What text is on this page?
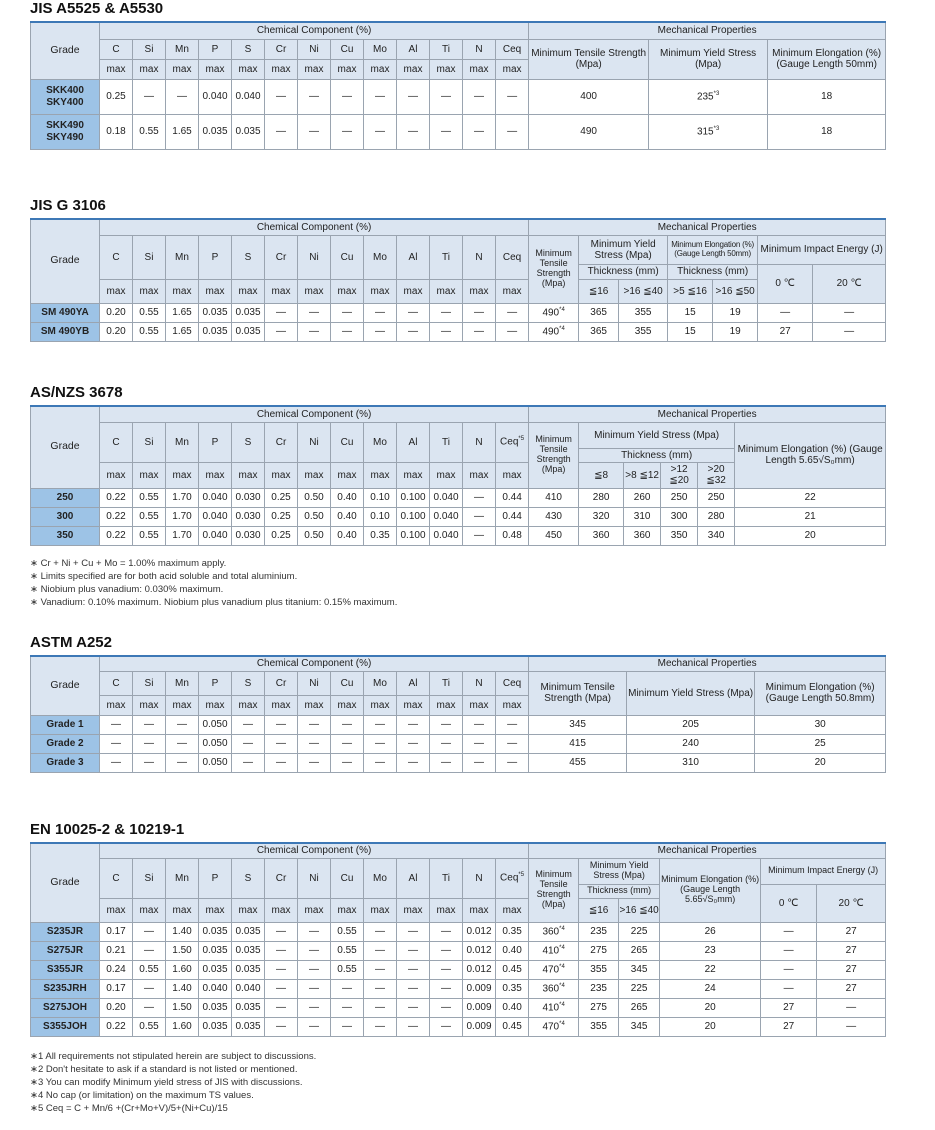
JIS A5525 & A5530
Grade	Chemical Component (%)													Mechanical Properties		
	C	Si	Mn	P	S	Cr	Ni	Cu	Mo	Al	Ti	N	Ceq	Minimum Tensile Strength (Mpa)	Minimum Yield Stress (Mpa)	Minimum Elongation (%) (Gauge Length 50mm)
	max	max	max	max	max	max	max	max	max	max	max	max	max			
SKK400
SKY400	0.25	—	—	0.040	0.040	—	—	—	—	—	—	—	—	400	235$^{*3}$	18
SKK490
SKY490	0.18	0.55	1.65	0.035	0.035	—	—	—	—	—	—	—	—	490	315$^{*3}$	18
JIS G 3106
Grade	Chemical Component (%)													Mechanical Properties						
	C	Si	Mn	P	S	Cr	Ni	Cu	Mo	Al	Ti	N	Ceq	Minimum Tensile Strength (Mpa)	Minimum Yield Stress (Mpa)		Minimum Elongation (%) (Gauge Length 50mm)		Minimum Impact Energy (J)	
															Thickness (mm)		Thickness (mm)		0 ℃	20 ℃
	max	max	max	max	max	max	max	max	max	max	max	max	max		≦16	>16 ≦40	>5 ≦16	>16 ≦50		
SM 490YA	0.20	0.55	1.65	0.035	0.035	—	—	—	—	—	—	—	—	490$^{*4}$	365	355	15	19	—	—
SM 490YB	0.20	0.55	1.65	0.035	0.035	—	—	—	—	—	—	—	—	490$^{*4}$	365	355	15	19	27	—
AS/NZS 3678
Grade	Chemical Component (%)													Mechanical Properties					
	C	Si	Mn	P	S	Cr	Ni	Cu	Mo	Al	Ti	N	Ceq$^{*5}$	Minimum Tensile Strength (Mpa)	Minimum Yield Stress (Mpa)				Minimum Elongation (%) (Gauge Length 5.65√S₀mm)
															Thickness (mm)				
	max	max	max	max	max	max	max	max	max	max	max	max	max		≦8	>8 ≦12	>12 ≦20	>20 ≦32	
250	0.22	0.55	1.70	0.040	0.030	0.25	0.50	0.40	0.10	0.100	0.040	—	0.44	410	280	260	250	250	22
300	0.22	0.55	1.70	0.040	0.030	0.25	0.50	0.40	0.10	0.100	0.040	—	0.44	430	320	310	300	280	21
350	0.22	0.55	1.70	0.040	0.030	0.25	0.50	0.40	0.35	0.100	0.040	—	0.48	450	360	360	350	340	20
∗ Cr + Ni + Cu + Mo = 1.00% maximum apply.
∗ Limits specified are for both acid soluble and total aluminium.
∗ Niobium plus vanadium: 0.030% maximum.
∗ Vanadium: 0.10% maximum. Niobium plus vanadium plus titanium: 0.15% maximum.
ASTM A252
Grade	Chemical Component (%)													Mechanical Properties		
	C	Si	Mn	P	S	Cr	Ni	Cu	Mo	Al	Ti	N	Ceq	Minimum Tensile Strength (Mpa)	Minimum Yield Stress (Mpa)	Minimum Elongation (%) (Gauge Length 50.8mm)
	max	max	max	max	max	max	max	max	max	max	max	max	max			
Grade 1	—	—	—	0.050	—	—	—	—	—	—	—	—	—	345	205	30
Grade 2	—	—	—	0.050	—	—	—	—	—	—	—	—	—	415	240	25
Grade 3	—	—	—	0.050	—	—	—	—	—	—	—	—	—	455	310	20
EN 10025-2 & 10219-1
Grade	Chemical Component (%)													Mechanical Properties					
	C	Si	Mn	P	S	Cr	Ni	Cu	Mo	Al	Ti	N	Ceq$^{*5}$	Minimum Tensile Strength (Mpa)	Minimum Yield Stress (Mpa)		Minimum Elongation (%) (Gauge Length 5.65√S₀mm)	Minimum Impact Energy (J)	
															Thickness (mm)			0 ℃	20 ℃
	max	max	max	max	max	max	max	max	max	max	max	max	max		≦16	>16 ≦40			
S235JR	0.17	—	1.40	0.035	0.035	—	—	0.55	—	—	—	0.012	0.35	360$^{*4}$	235	225	26	—	27
S275JR	0.21	—	1.50	0.035	0.035	—	—	0.55	—	—	—	0.012	0.40	410$^{*4}$	275	265	23	—	27
S355JR	0.24	0.55	1.60	0.035	0.035	—	—	0.55	—	—	—	0.012	0.45	470$^{*4}$	355	345	22	—	27
S235JRH	0.17	—	1.40	0.040	0.040	—	—	—	—	—	—	0.009	0.35	360$^{*4}$	235	225	24	—	27
S275JOH	0.20	—	1.50	0.035	0.035	—	—	—	—	—	—	0.009	0.40	410$^{*4}$	275	265	20	27	—
S355JOH	0.22	0.55	1.60	0.035	0.035	—	—	—	—	—	—	0.009	0.45	470$^{*4}$	355	345	20	27	—
∗1 All requirements not stipulated herein are subject to discussions.
∗2 Don't hesitate to ask if a standard is not listed or mentioned.
∗3 You can modify Minimum yield stress of JIS with discussions.
∗4 No cap (or limitation) on the maximum TS values.
∗5 Ceq = C + Mn/6 +(Cr+Mo+V)/5+(Ni+Cu)/15
